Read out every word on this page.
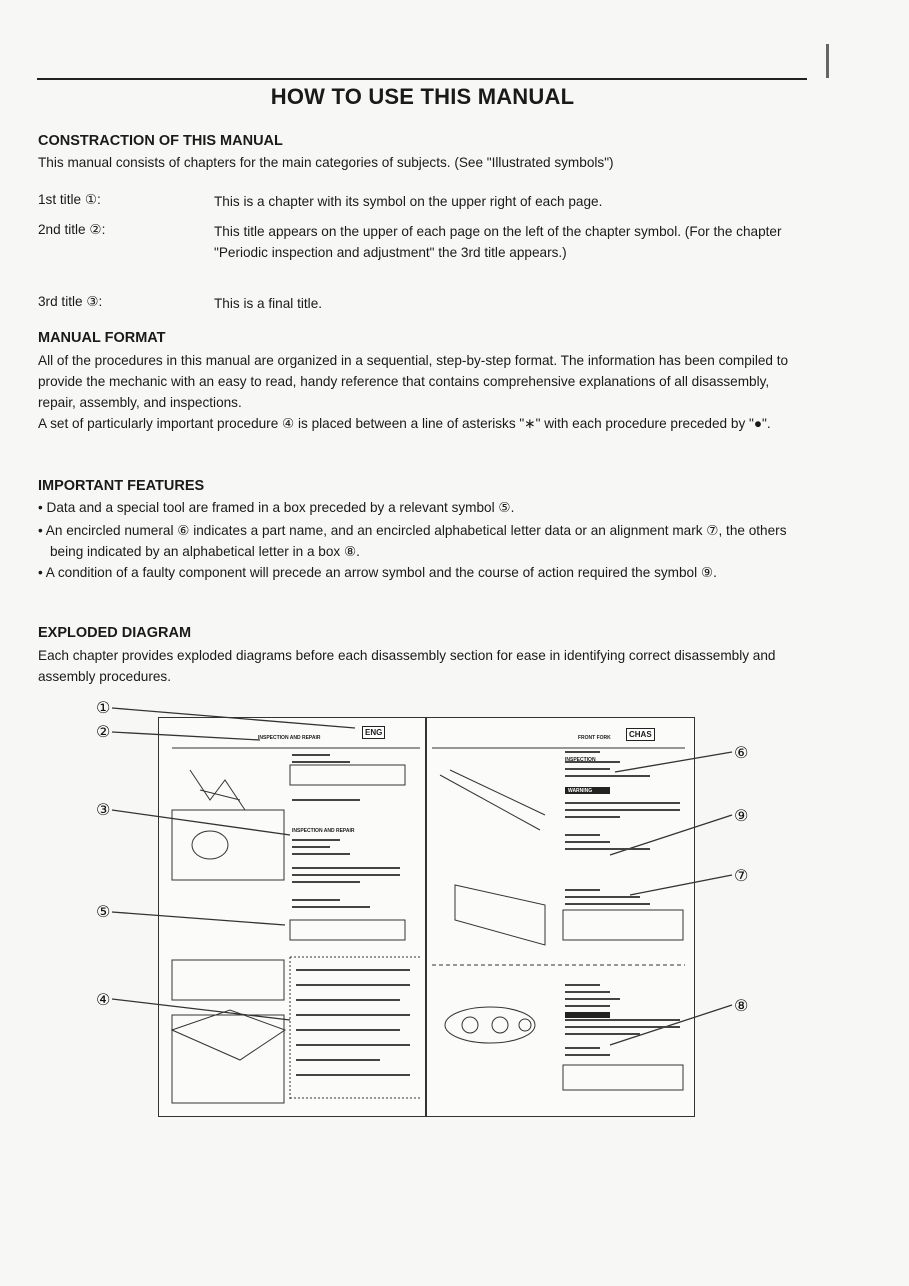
HOW TO USE THIS MANUAL
CONSTRACTION OF THIS MANUAL
This manual consists of chapters for the main categories of subjects. (See "Illustrated symbols")
1st title ①:	This is a chapter with its symbol on the upper right of each page.
2nd title ②:	This title appears on the upper of each page on the left of the chapter symbol. (For the chapter "Periodic inspection and adjustment" the 3rd title appears.)
3rd title ③:	This is a final title.
MANUAL FORMAT
All of the procedures in this manual are organized in a sequential, step-by-step format. The information has been compiled to provide the mechanic with an easy to read, handy reference that contains comprehensive explanations of all disassembly, repair, assembly, and inspections.
A set of particularly important procedure ④ is placed between a line of asterisks "∗" with each procedure preceded by "●".
IMPORTANT FEATURES
• Data and a special tool are framed in a box preceded by a relevant symbol ⑤.
• An encircled numeral ⑥ indicates a part name, and an encircled alphabetical letter data or an alignment mark ⑦, the others being indicated by an alphabetical letter in a box ⑧.
• A condition of a faulty component will precede an arrow symbol and the course of action required the symbol ⑨.
EXPLODED DIAGRAM
Each chapter provides exploded diagrams before each disassembly section for ease in identifying correct disassembly and assembly procedures.
①
②
③
⑤
④
⑥
⑨
⑦
⑧
INSPECTION AND REPAIR
ENG
INSPECTION AND REPAIR
FRONT FORK	CHAS
INSPECTION
WARNING
